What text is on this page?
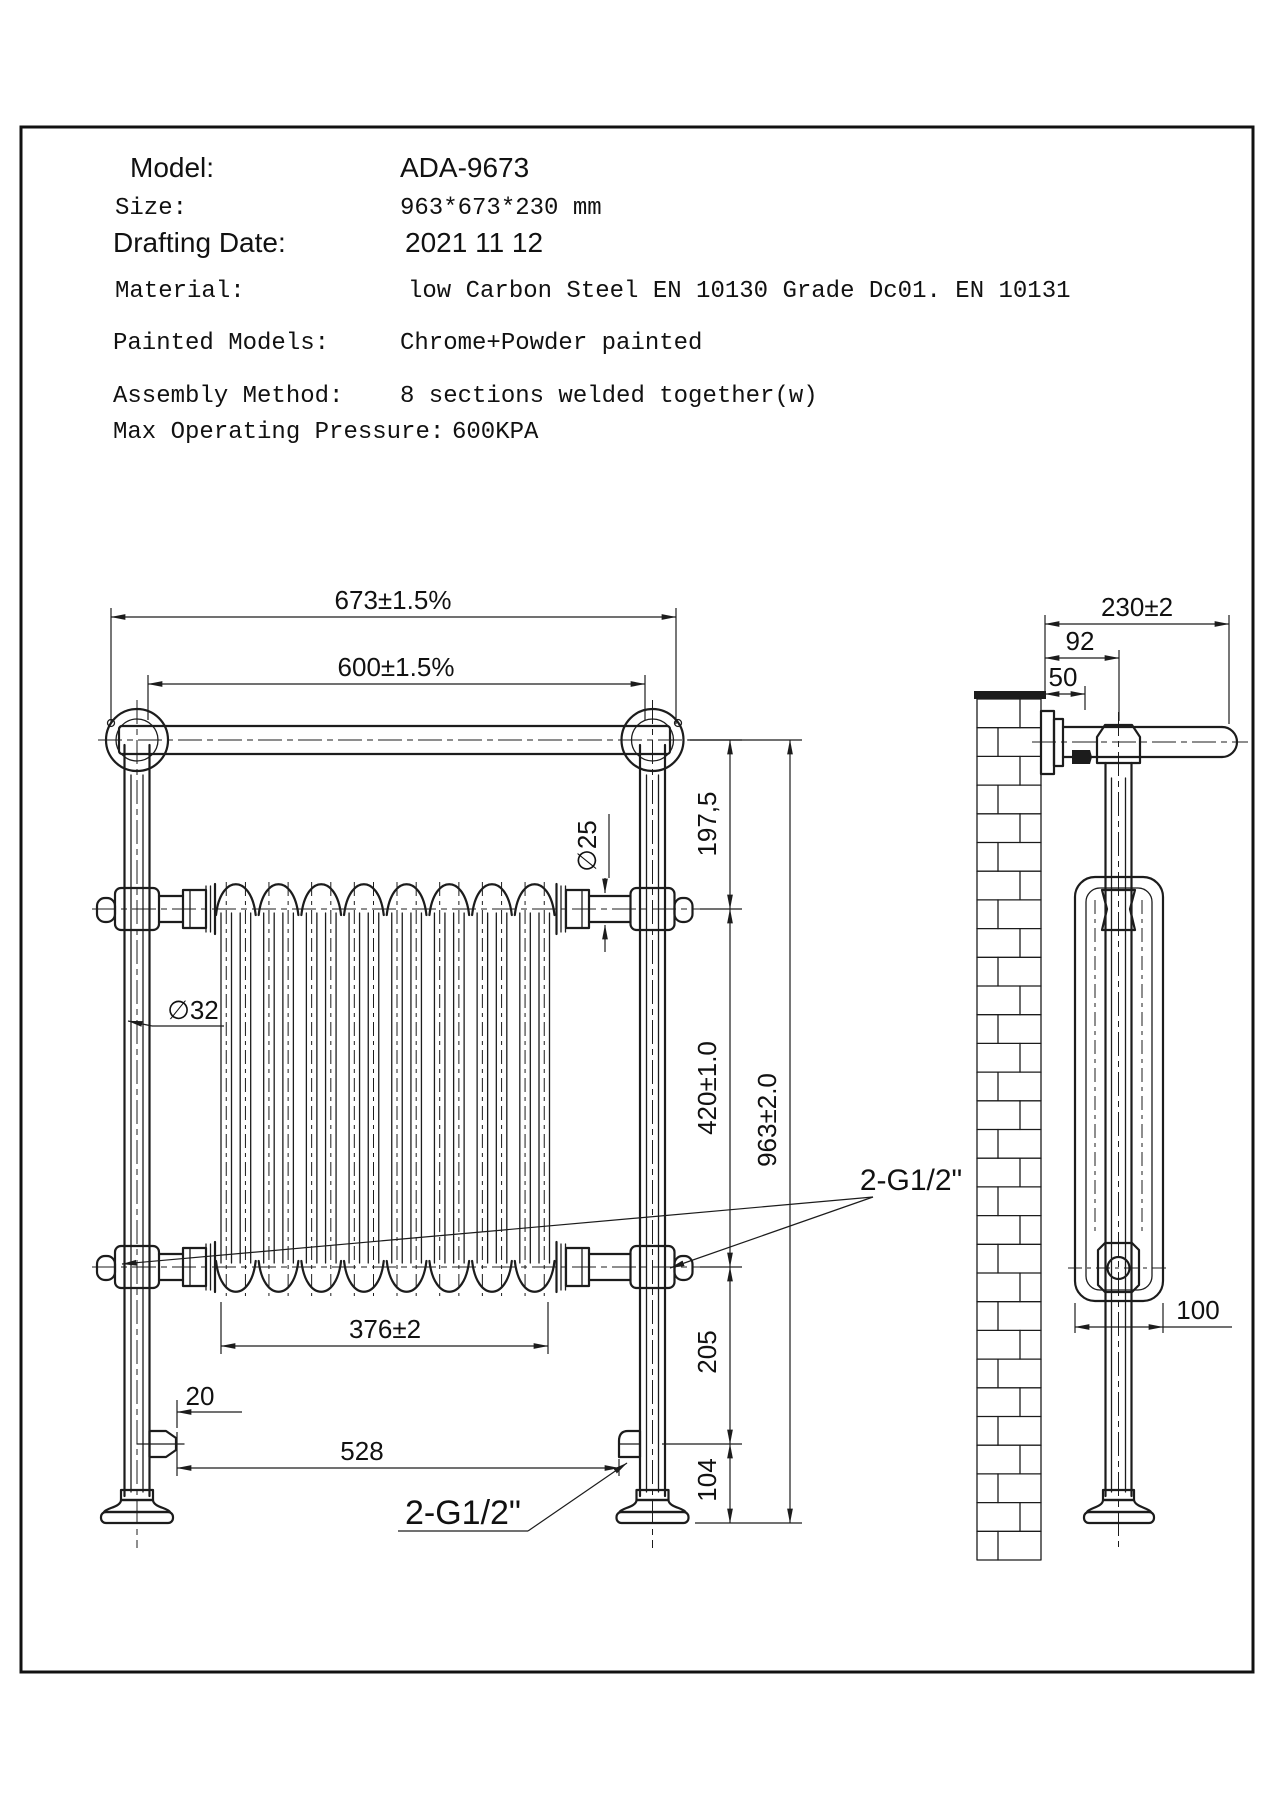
Model:	ADA-9673
Size:	963*673*230 mm
Drafting Date:	2021 11 12
Material:	low Carbon Steel EN 10130 Grade Dc01. EN 10131
Painted Models:	Chrome+Powder painted
Assembly Method: 8 sections welded together(w)
Max Operating Pressure: 600KPA
673±1.5%
600±1.5%
197,5
∅25
∅32
420±1.0 963±2.0
376±2
205
104
20
528
2-G1/2"
2-G1/2"
230±2
92
50
100
